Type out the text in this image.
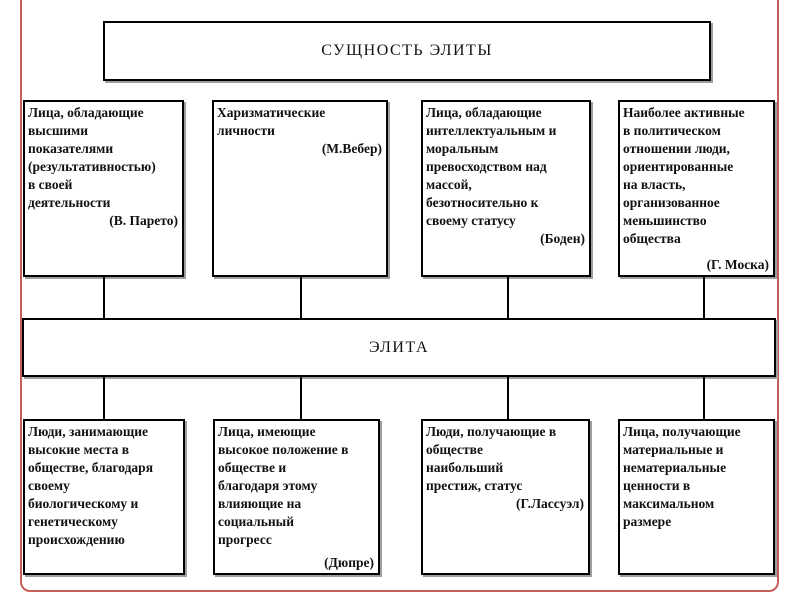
СУЩНОСТЬ ЭЛИТЫ
Лица, обладающие
высшими
показателями
(результативностью)
в своей
деятельности
(В. Парето)
Харизматические
личности
(М.Вебер)
Лица, обладающие
интеллектуальным и
моральным
превосходством над
массой,
безотносительно к
своему статусу
(Боден)
Наиболее активные
в политическом
отношении люди,
ориентированные
на власть,
организованное
меньшинство
общества
(Г. Моска)
ЭЛИТА
Люди, занимающие
высокие места в
обществе, благодаря
своему
биологическому и
генетическому
происхождению
Лица, имеющие
высокое положение в
обществе и
благодаря этому
влияющие на
социальный
прогресс
(Дюпре)
Люди, получающие в
обществе
наибольший
престиж, статус
(Г.Лассуэл)
Лица, получающие
материальные и
нематериальные
ценности в
максимальном
размере
